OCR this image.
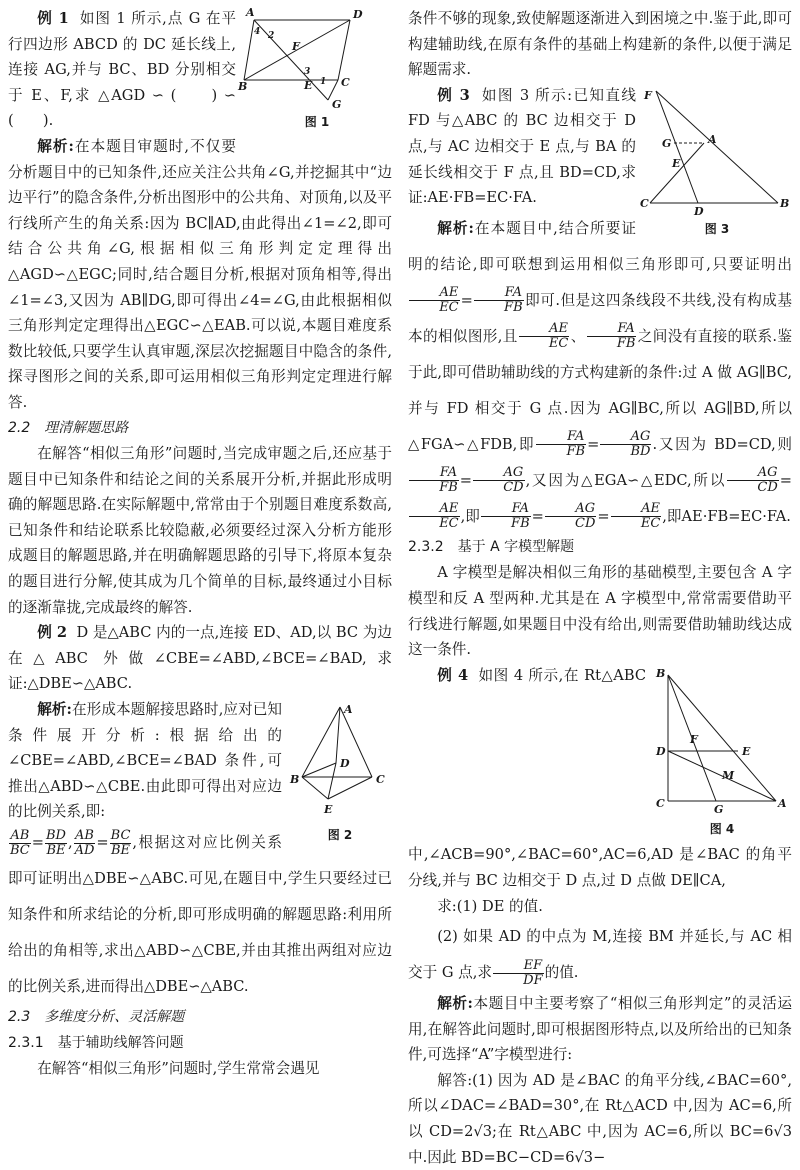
A	D
B	C
E
F
G
1
2
3
4
图 1

例 1 如图 1 所示,点 G 在平行四边形 ABCD 的 DC 延长线上,连接 AG,并与 BC、BD 分别相交于 E、F,求 △AGD ∽ (　　) ∽ (　　).

解析:在本题目审题时,不仅要分析题目中的已知条件,还应关注公共角∠G,并挖掘其中“边边平行”的隐含条件,分析出图形中的公共角、对顶角,以及平行线所产生的角关系:因为 BC∥AD,由此得出∠1=∠2,即可结合公共角∠G,根据相似三角形判定定理得出△AGD∽△EGC;同时,结合题目分析,根据对顶角相等,得出∠1=∠3,又因为 AB∥DG,即可得出∠4=∠G,由此根据相似三角形判定定理得出△EGC∽△EAB.可以说,本题目难度系数比较低,只要学生认真审题,深层次挖掘题目中隐含的条件,探寻图形之间的关系,即可运用相似三角形判定定理进行解答.

2.2　理清解题思路

在解答“相似三角形”问题时,当完成审题之后,还应基于题目中已知条件和结论之间的关系展开分析,并据此形成明确的解题思路.在实际解题中,常常由于个别题目难度系数高,已知条件和结论联系比较隐蔽,必须要经过深入分析方能形成题目的解题思路,并在明确解题思路的引导下,将原本复杂的题目进行分解,使其成为几个简单的目标,最终通过小目标的逐渐靠拢,完成最终的解答.

例 2 D 是△ABC 内的一点,连接 ED、AD,以 BC 为边在△ABC 外做∠CBE=∠ABD,∠BCE=∠BAD,求证:△DBE∽△ABC.

A
B	C
D
E
图 2

解析:在形成本题解接思路时,应对已知条件展开分析:根据给出的∠CBE=∠ABD,∠BCE=∠BAD 条件,可推出△ABD∽△CBE.由此即可得出对应边的比例关系,即:

$\frac{AB}{BC} = \frac{BD}{BE}$ , $\frac{AB}{AD} = \frac{BC}{BE}$ ,根据这对应比例关系即可证明出△DBE∽△ABC.可见,在题目中,学生只要经过已知条件和所求结论的分析,即可形成明确的解题思路:利用所给出的角相等,求出△ABD∽△CBE,并由其推出两组对应边的比例关系,进而得出△DBE∽△ABC.
2.3　多维度分析、灵活解题
2.3.1　基于辅助线解答问题

在解答“相似三角形”问题时,学生常常会遇见

条件不够的现象,致使解题逐渐进入到困境之中.鉴于此,即可构建辅助线,在原有条件的基础上构建新的条件,以便于满足解题需求.

F
G	A
E
C
D
B
图 3

例 3 如图 3 所示:已知直线 FD 与△ABC 的 BC 边相交于 D 点,与 AC 边相交于 E 点,与 BA 的延长线相交于 F 点,且 BD=CD,求证:AE·FB=EC·FA.

解析:在本题目中,结合所要证明的结论,即可联想到运用相似三角形即可,只要证明出
$\frac{AE}{EC} = \frac{FA}{FB}$ 即可.但是这四条线段不共线,没有构成基本的相似图形,且 $\frac{AE}{EC}$ 、 $\frac{FA}{FB}$ 之间没有直接的联系.鉴于此,即可借助辅助线的方式构建新的条件:过 A 做 AG∥BC,并与 FD 相交于 G 点.因为 AG∥BC,所以 AG∥BD,所以△FGA∽△FDB,即 $\frac{FA}{FB} = \frac{AG}{BD}$ .又因为 BD=CD,则
$\frac{FA}{FB} = \frac{AG}{CD}$ ,又因为△EGA∽△EDC,所以 $\frac{AG}{CD}$ =
$\frac{AE}{EC}$ ,即 $\frac{FA}{FB} = \frac{AG}{CD} = \frac{AE}{EC}$ ,即AE·FB=EC·FA.

2.3.2　基于 A 字模型解题

A 字模型是解决相似三角形的基础模型,主要包含 A 字模型和反 A 型两种.尤其是在 A 字模型中,常常需要借助平行线进行解题,如果题目中没有给出,则需要借助辅助线达成这一条件.

B
D
F
E
M
C	G	A
图 4

例 4 如图 4 所示,在 Rt△ABC 中,∠ACB=90°,∠BAC=60°,AC=6,AD 是∠BAC 的角平分线,并与 BC 边相交于 D 点,过 D 点做 DE∥CA,

求:(1) DE 的值.

(2) 如果 AD 的中点为 M,连接 BM 并延长,与 AC 相交于 G 点,求 $\frac{EF}{DF}$ 的值.

解析:本题目中主要考察了“相似三角形判定”的灵活运用,在解答此问题时,即可根据图形特点,以及所给出的已知条件,可选择“A”字模型进行:

解答:(1) 因为 AD 是∠BAC 的角平分线,∠BAC=60°,所以∠DAC=∠BAD=30°,在 Rt△ACD 中,因为 AC=6,所以 CD=2√3;在 Rt△ABC 中,因为 AC=6,所以 BC=6√3 中.因此 BD=BC−CD=6√3−
